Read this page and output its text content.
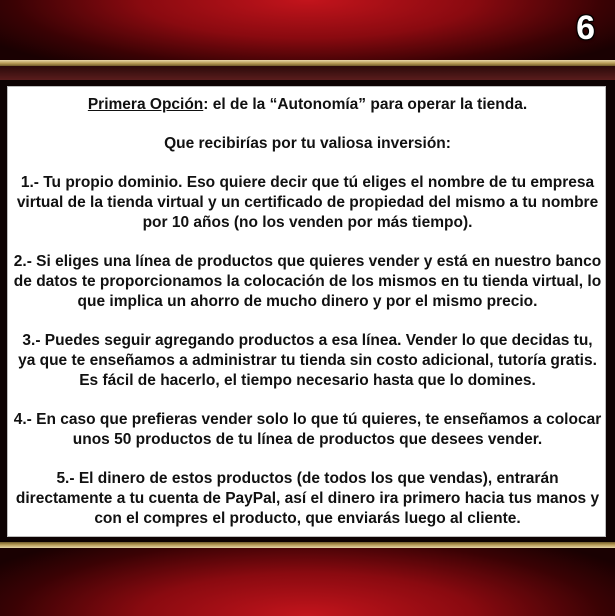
6

Primera Opción: el de la “Autonomía” para operar la tienda.

Que recibirías por tu valiosa inversión:

1.- Tu propio dominio. Eso quiere decir que tú eliges el nombre de tu empresa virtual de la tienda virtual y un certificado de propiedad del mismo a tu nombre por 10 años (no los venden por más tiempo).

2.- Si eliges una línea de productos que quieres vender y está en nuestro banco de datos te proporcionamos la colocación de los mismos en tu tienda virtual, lo que implica un ahorro de mucho dinero y por el mismo precio.

3.- Puedes seguir agregando productos a esa línea. Vender lo que decidas tu, ya que te enseñamos a administrar tu tienda sin costo adicional, tutoría gratis. Es fácil de hacerlo, el tiempo necesario hasta que lo domines.

4.- En caso que prefieras vender solo lo que tú quieres, te enseñamos a colocar unos 50 productos de tu línea de productos que desees vender.

5.- El dinero de estos productos (de todos los que vendas), entrarán directamente a tu cuenta de PayPal, así el dinero ira primero hacia tus manos y con el compres el producto, que enviarás luego al cliente.
